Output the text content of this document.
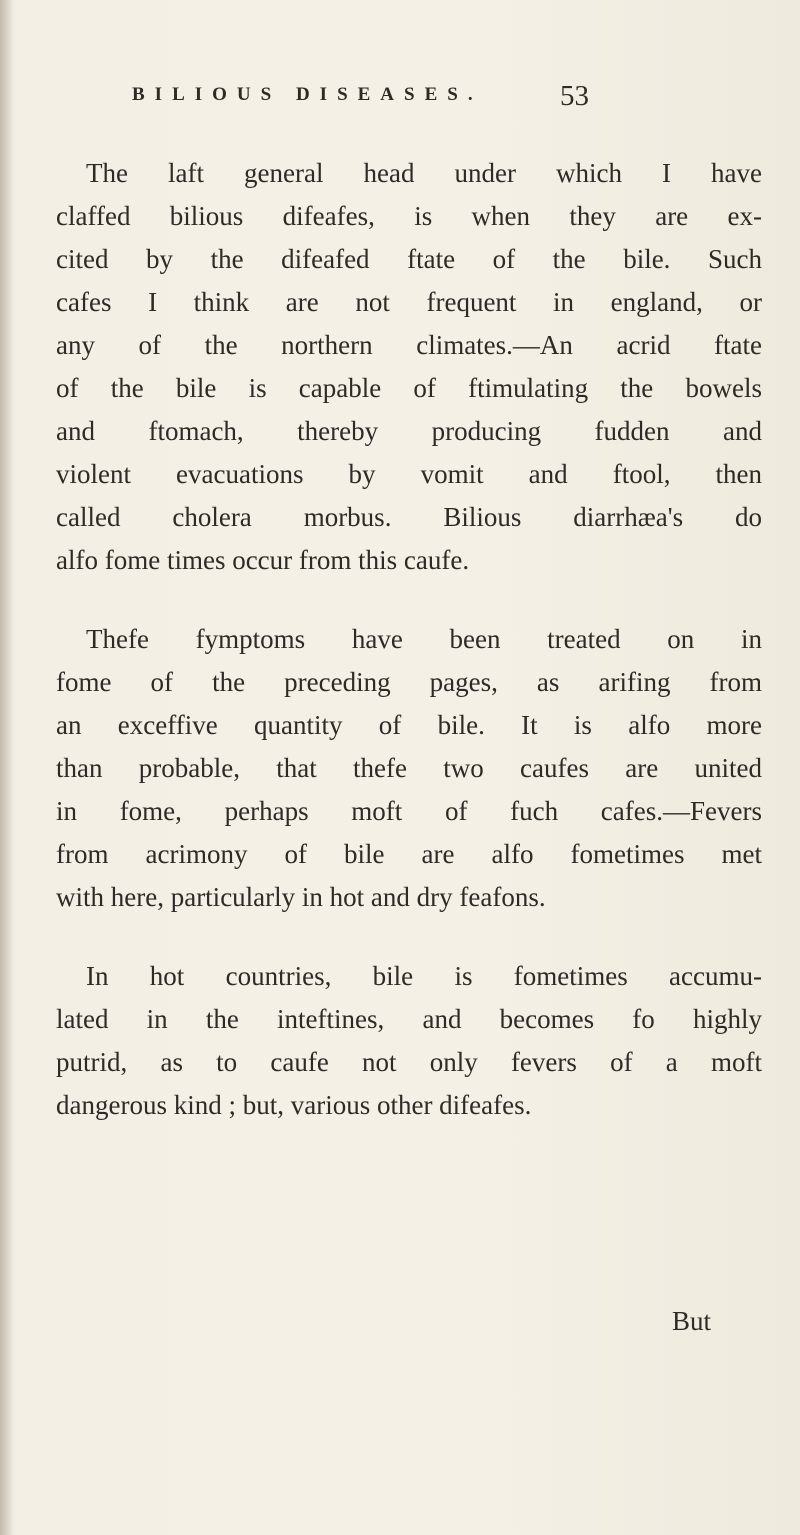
BILIOUS DISEASES.	53

The laft general head under which I have
claffed bilious difeafes, is when they are ex-
cited by the difeafed ftate of the bile. Such
cafes I think are not frequent in england, or
any of the northern climates.—An acrid ftate
of the bile is capable of ftimulating the bowels
and ftomach, thereby producing fudden and
violent evacuations by vomit and ftool, then
called cholera morbus. Bilious diarrhæa's do
alfo fome times occur from this caufe.

Thefe fymptoms have been treated on in
fome of the preceding pages, as arifing from
an exceffive quantity of bile. It is alfo more
than probable, that thefe two caufes are united
in fome, perhaps moft of fuch cafes.—Fevers
from acrimony of bile are alfo fometimes met
with here, particularly in hot and dry feafons.

In hot countries, bile is fometimes accumu-
lated in the inteftines, and becomes fo highly
putrid, as to caufe not only fevers of a moft
dangerous kind ; but, various other difeafes.

But
